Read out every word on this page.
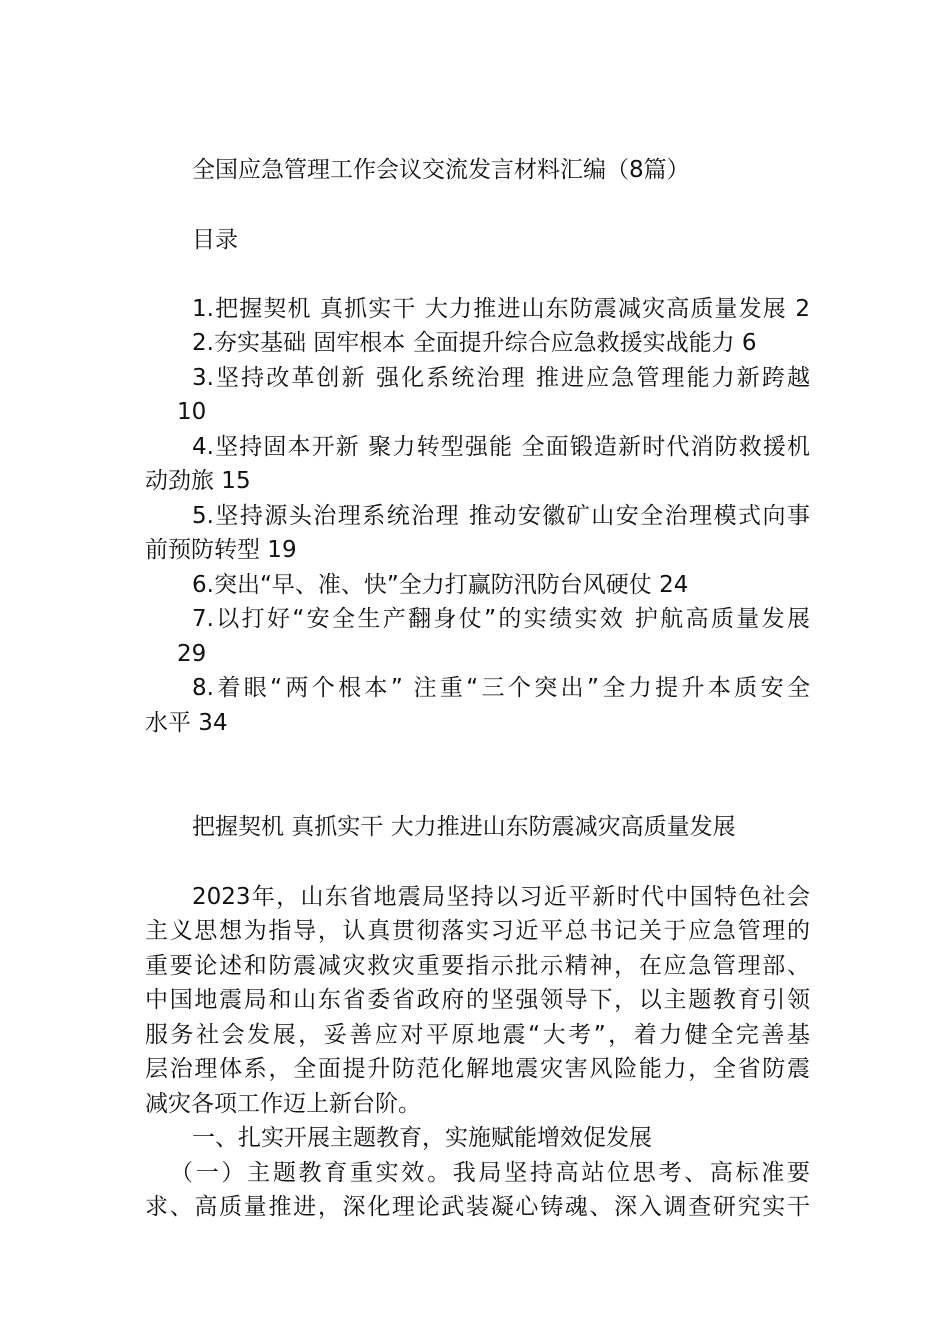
全国应急管理工作会议交流发言材料汇编（8篇）
目录
1.把握契机 真抓实干 大力推进山东防震减灾高质量发展 2
2.夯实基础 固牢根本 全面提升综合应急救援实战能力 6
3.坚持改革创新 强化系统治理 推进应急管理能力新跨越
10
4.坚持固本开新 聚力转型强能 全面锻造新时代消防救援机
动劲旅 15
5.坚持源头治理系统治理 推动安徽矿山安全治理模式向事
前预防转型 19
6.突出“早、准、快”全力打赢防汛防台风硬仗 24
7.以打好“安全生产翻身仗”的实绩实效 护航高质量发展
29
8.着眼“两个根本” 注重“三个突出”全力提升本质安全
水平 34
把握契机 真抓实干 大力推进山东防震减灾高质量发展
2023年，山东省地震局坚持以习近平新时代中国特色社会
主义思想为指导，认真贯彻落实习近平总书记关于应急管理的
重要论述和防震减灾救灾重要指示批示精神，在应急管理部、
中国地震局和山东省委省政府的坚强领导下，以主题教育引领
服务社会发展，妥善应对平原地震“大考”，着力健全完善基
层治理体系，全面提升防范化解地震灾害风险能力，全省防震
减灾各项工作迈上新台阶。
一、扎实开展主题教育，实施赋能增效促发展
（一）主题教育重实效。我局坚持高站位思考、高标准要
求、高质量推进，深化理论武装凝心铸魂、深入调查研究实干
